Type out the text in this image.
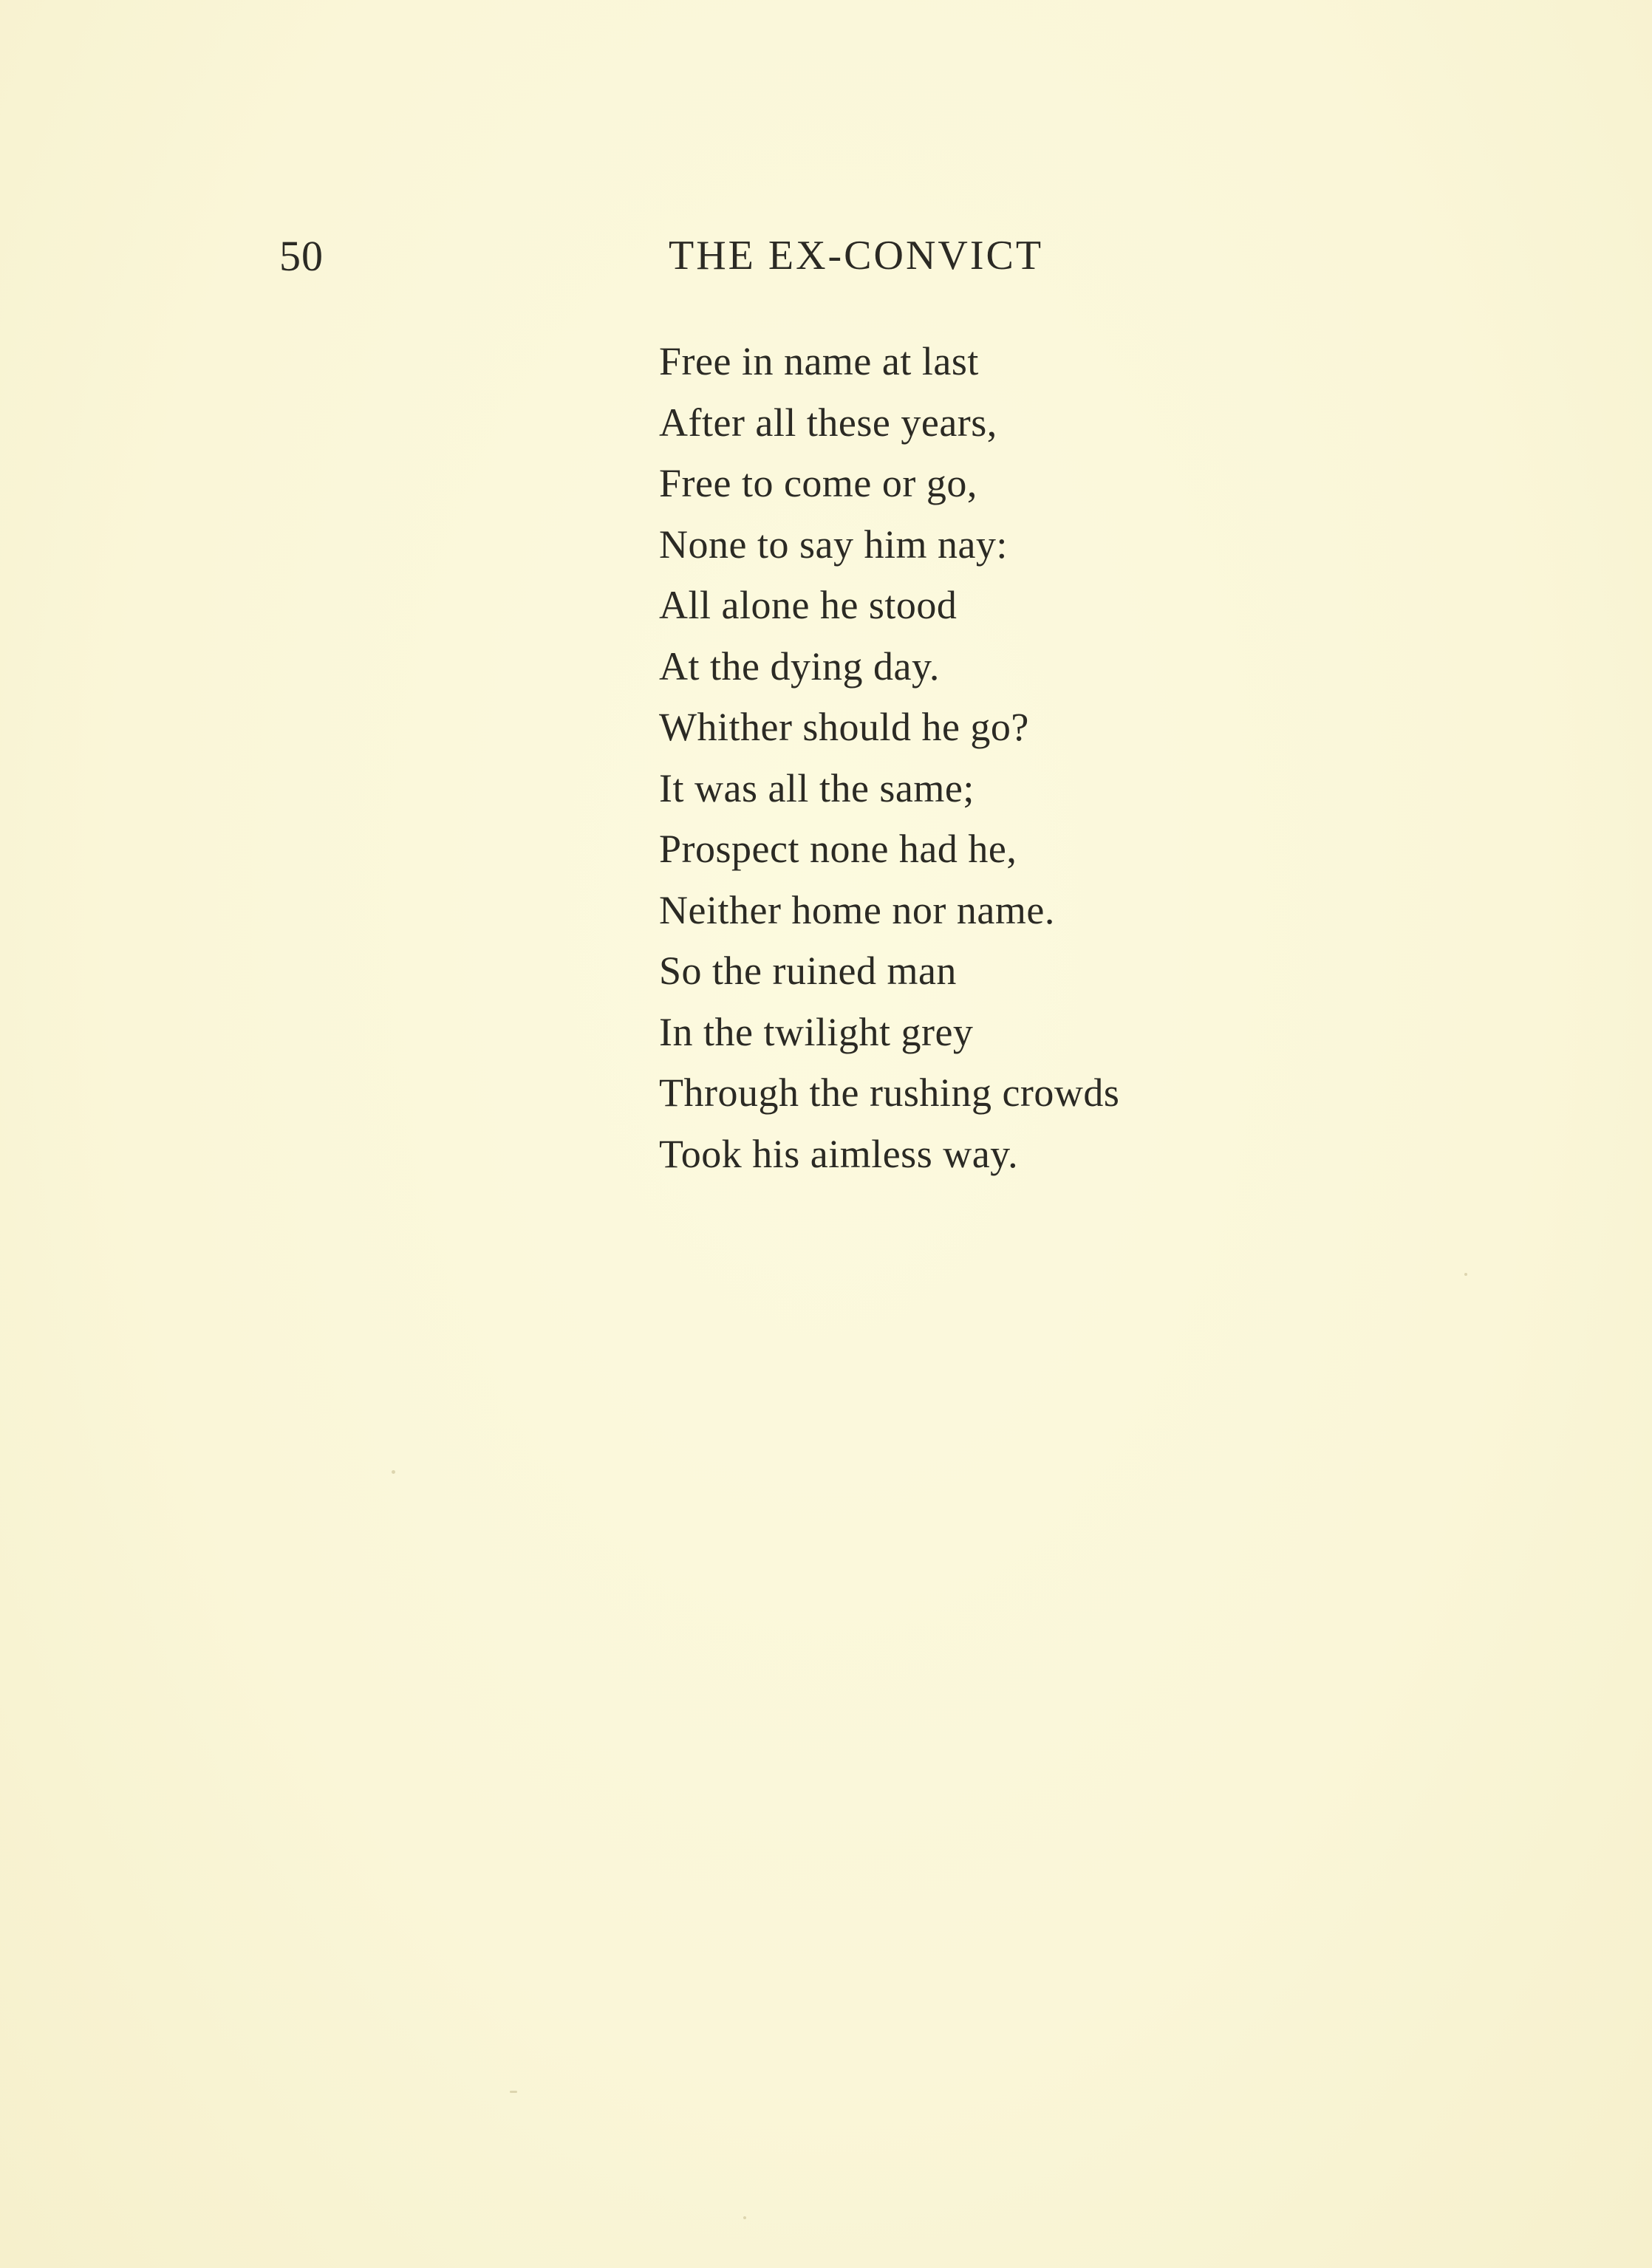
50	THE EX-CONVICT
Free in name at last
After all these years,
Free to come or go,
None to say him nay:
All alone he stood
At the dying day.
Whither should he go?
It was all the same;
Prospect none had he,
Neither home nor name.
So the ruined man
In the twilight grey
Through the rushing crowds
Took his aimless way.
